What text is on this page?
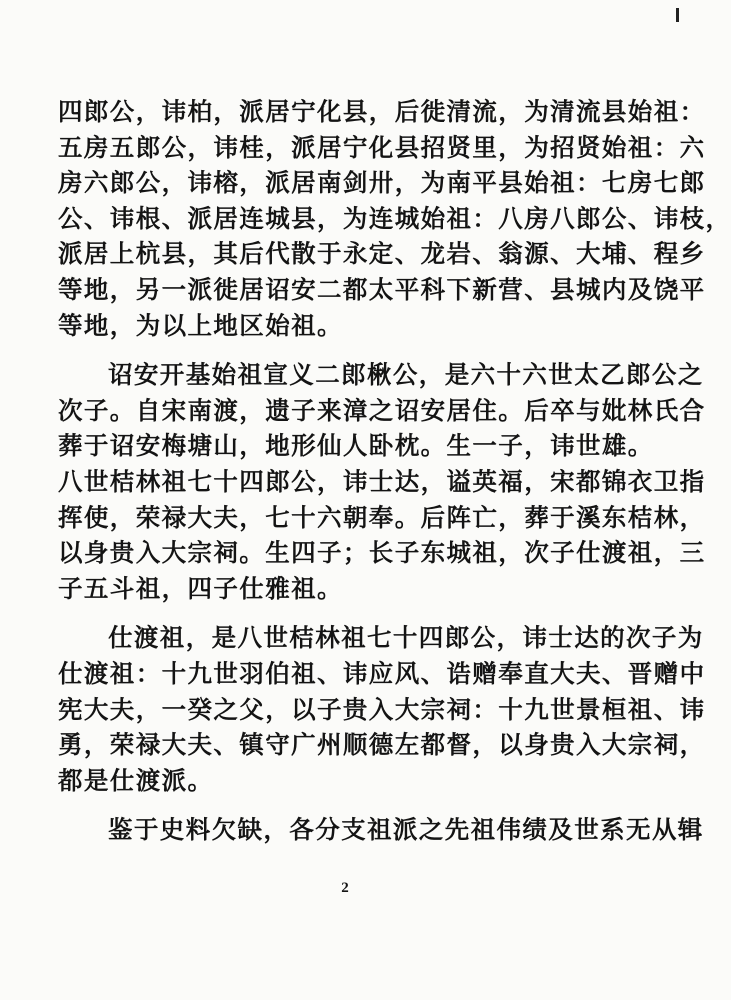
四郎公，讳柏，派居宁化县，后徙清流，为清流县始祖：
五房五郎公，讳桂，派居宁化县招贤里，为招贤始祖：六
房六郎公，讳榕，派居南剑卅，为南平县始祖：七房七郎
公、讳根、派居连城县，为连城始祖：八房八郎公、讳枝，
派居上杭县，其后代散于永定、龙岩、翁源、大埔、程乡
等地，另一派徙居诏安二都太平科下新营、县城内及饶平
等地，为以上地区始祖。
诏安开基始祖宣义二郎楸公，是六十六世太乙郎公之
次子。自宋南渡，遗子来漳之诏安居住。后卒与妣林氏合
葬于诏安梅塘山，地形仙人卧枕。生一子，讳世雄。
八世桔林祖七十四郎公，讳士达，谥英福，宋都锦衣卫指
挥使，荣禄大夫，七十六朝奉。后阵亡，葬于溪东桔林，
以身贵入大宗祠。生四子；长子东城祖，次子仕渡祖，三
子五斗祖，四子仕雅祖。
仕渡祖，是八世桔林祖七十四郎公，讳士达的次子为
仕渡祖：十九世羽伯祖、讳应风、诰赠奉直大夫、晋赠中
宪大夫，一癸之父，以子贵入大宗祠：十九世景桓祖、讳
勇，荣禄大夫、镇守广州顺德左都督，以身贵入大宗祠，
都是仕渡派。
鉴于史料欠缺，各分支祖派之先祖伟绩及世系无从辑
2
